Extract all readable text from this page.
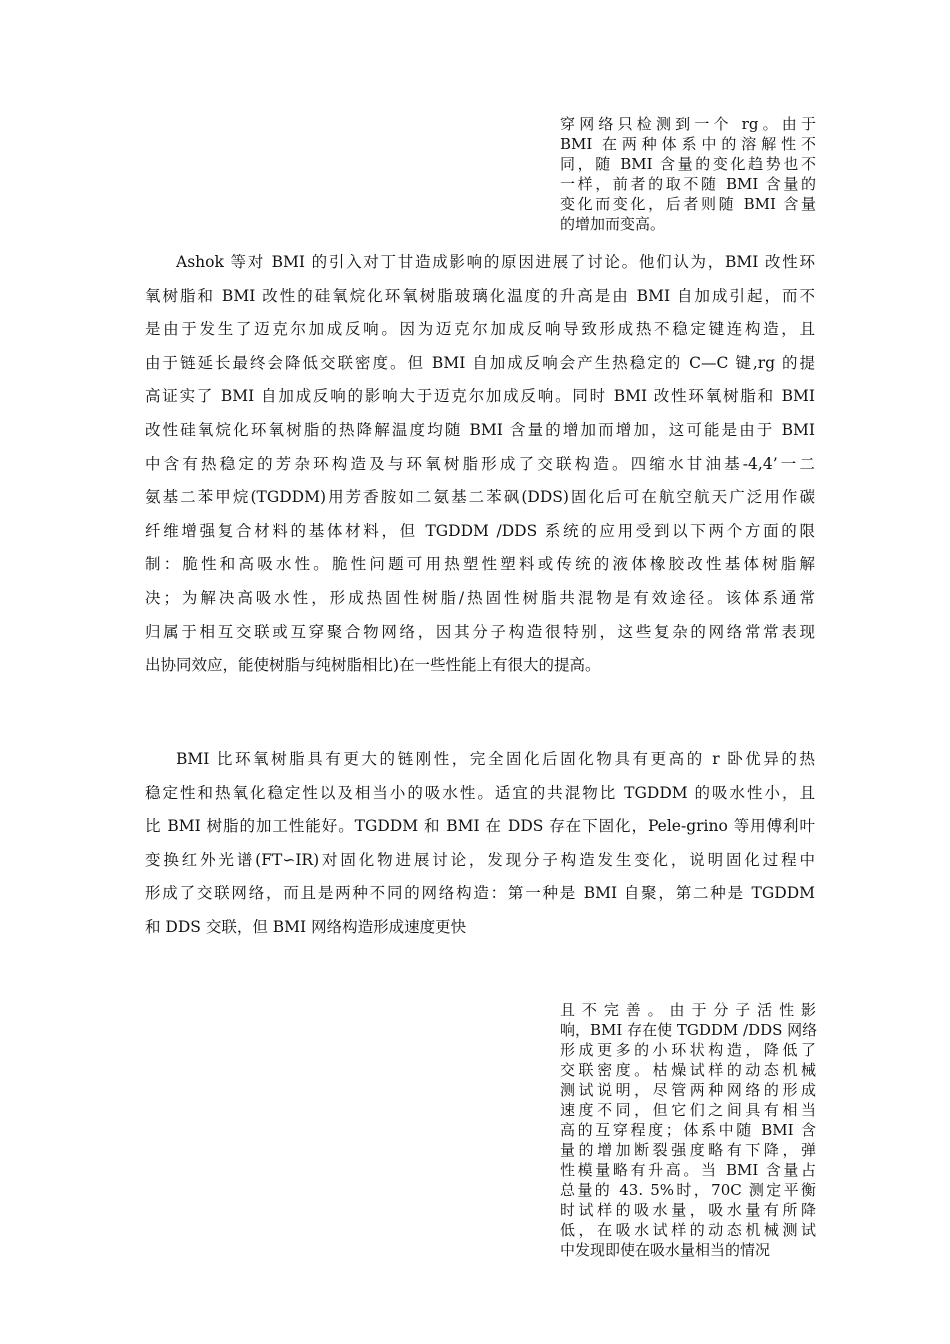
穿网络只检测到一个 rg。由于
BMI 在两种体系中的溶解性不
同，随 BMI 含量的变化趋势也不
一样，前者的取不随 BMI 含量的
变化而变化，后者则随 BMI 含量
的增加而变高。
Ashok 等对 BMI 的引入对丁甘造成影响的原因进展了讨论。他们认为，BMI 改性环
氧树脂和 BMI 改性的硅氧烷化环氧树脂玻璃化温度的升高是由 BMI 自加成引起，而不
是由于发生了迈克尔加成反响。因为迈克尔加成反响导致形成热不稳定键连构造，且
由于链延长最终会降低交联密度。但 BMI 自加成反响会产生热稳定的 C—C 键,rg 的提
高证实了 BMI 自加成反响的影响大于迈克尔加成反响。同时 BMI 改性环氧树脂和 BMI
改性硅氧烷化环氧树脂的热降解温度均随 BMI 含量的增加而增加，这可能是由于 BMI
中含有热稳定的芳杂环构造及与环氧树脂形成了交联构造。四缩水甘油基-4,4’一二
氨基二苯甲烷(TGDDM)用芳香胺如二氨基二苯砜(DDS)固化后可在航空航天广泛用作碳
纤维增强复合材料的基体材料，但 TGDDM /DDS 系统的应用受到以下两个方面的限
制：脆性和高吸水性。脆性问题可用热塑性塑料或传统的液体橡胶改性基体树脂解
决；为解决高吸水性，形成热固性树脂/热固性树脂共混物是有效途径。该体系通常
归属于相互交联或互穿聚合物网络，因其分子构造很特别，这些复杂的网络常常表现
出协同效应，能使树脂与纯树脂相比)在一些性能上有很大的提高。
BMI 比环氧树脂具有更大的链刚性，完全固化后固化物具有更高的 r 卧优异的热
稳定性和热氧化稳定性以及相当小的吸水性。适宜的共混物比 TGDDM 的吸水性小，且
比 BMI 树脂的加工性能好。TGDDM 和 BMI 在 DDS 存在下固化，Pele-grino 等用傅利叶
变换红外光谱(FT∽IR)对固化物进展讨论，发现分子构造发生变化，说明固化过程中
形成了交联网络，而且是两种不同的网络构造：第一种是 BMI 自聚，第二种是 TGDDM
和 DDS 交联，但 BMI 网络构造形成速度更快
且不完善。由于分子活性影
响，BMI 存在使 TGDDM /DDS 网络
形成更多的小环状构造，降低了
交联密度。枯燥试样的动态机械
测试说明，尽管两种网络的形成
速度不同，但它们之间具有相当
高的互穿程度；体系中随 BMI 含
量的增加断裂强度略有下降，弹
性模量略有升高。当 BMI 含量占
总量的 43. 5%时，70C 测定平衡
时试样的吸水量，吸水量有所降
低，在吸水试样的动态机械测试
中发现即使在吸水量相当的情况
